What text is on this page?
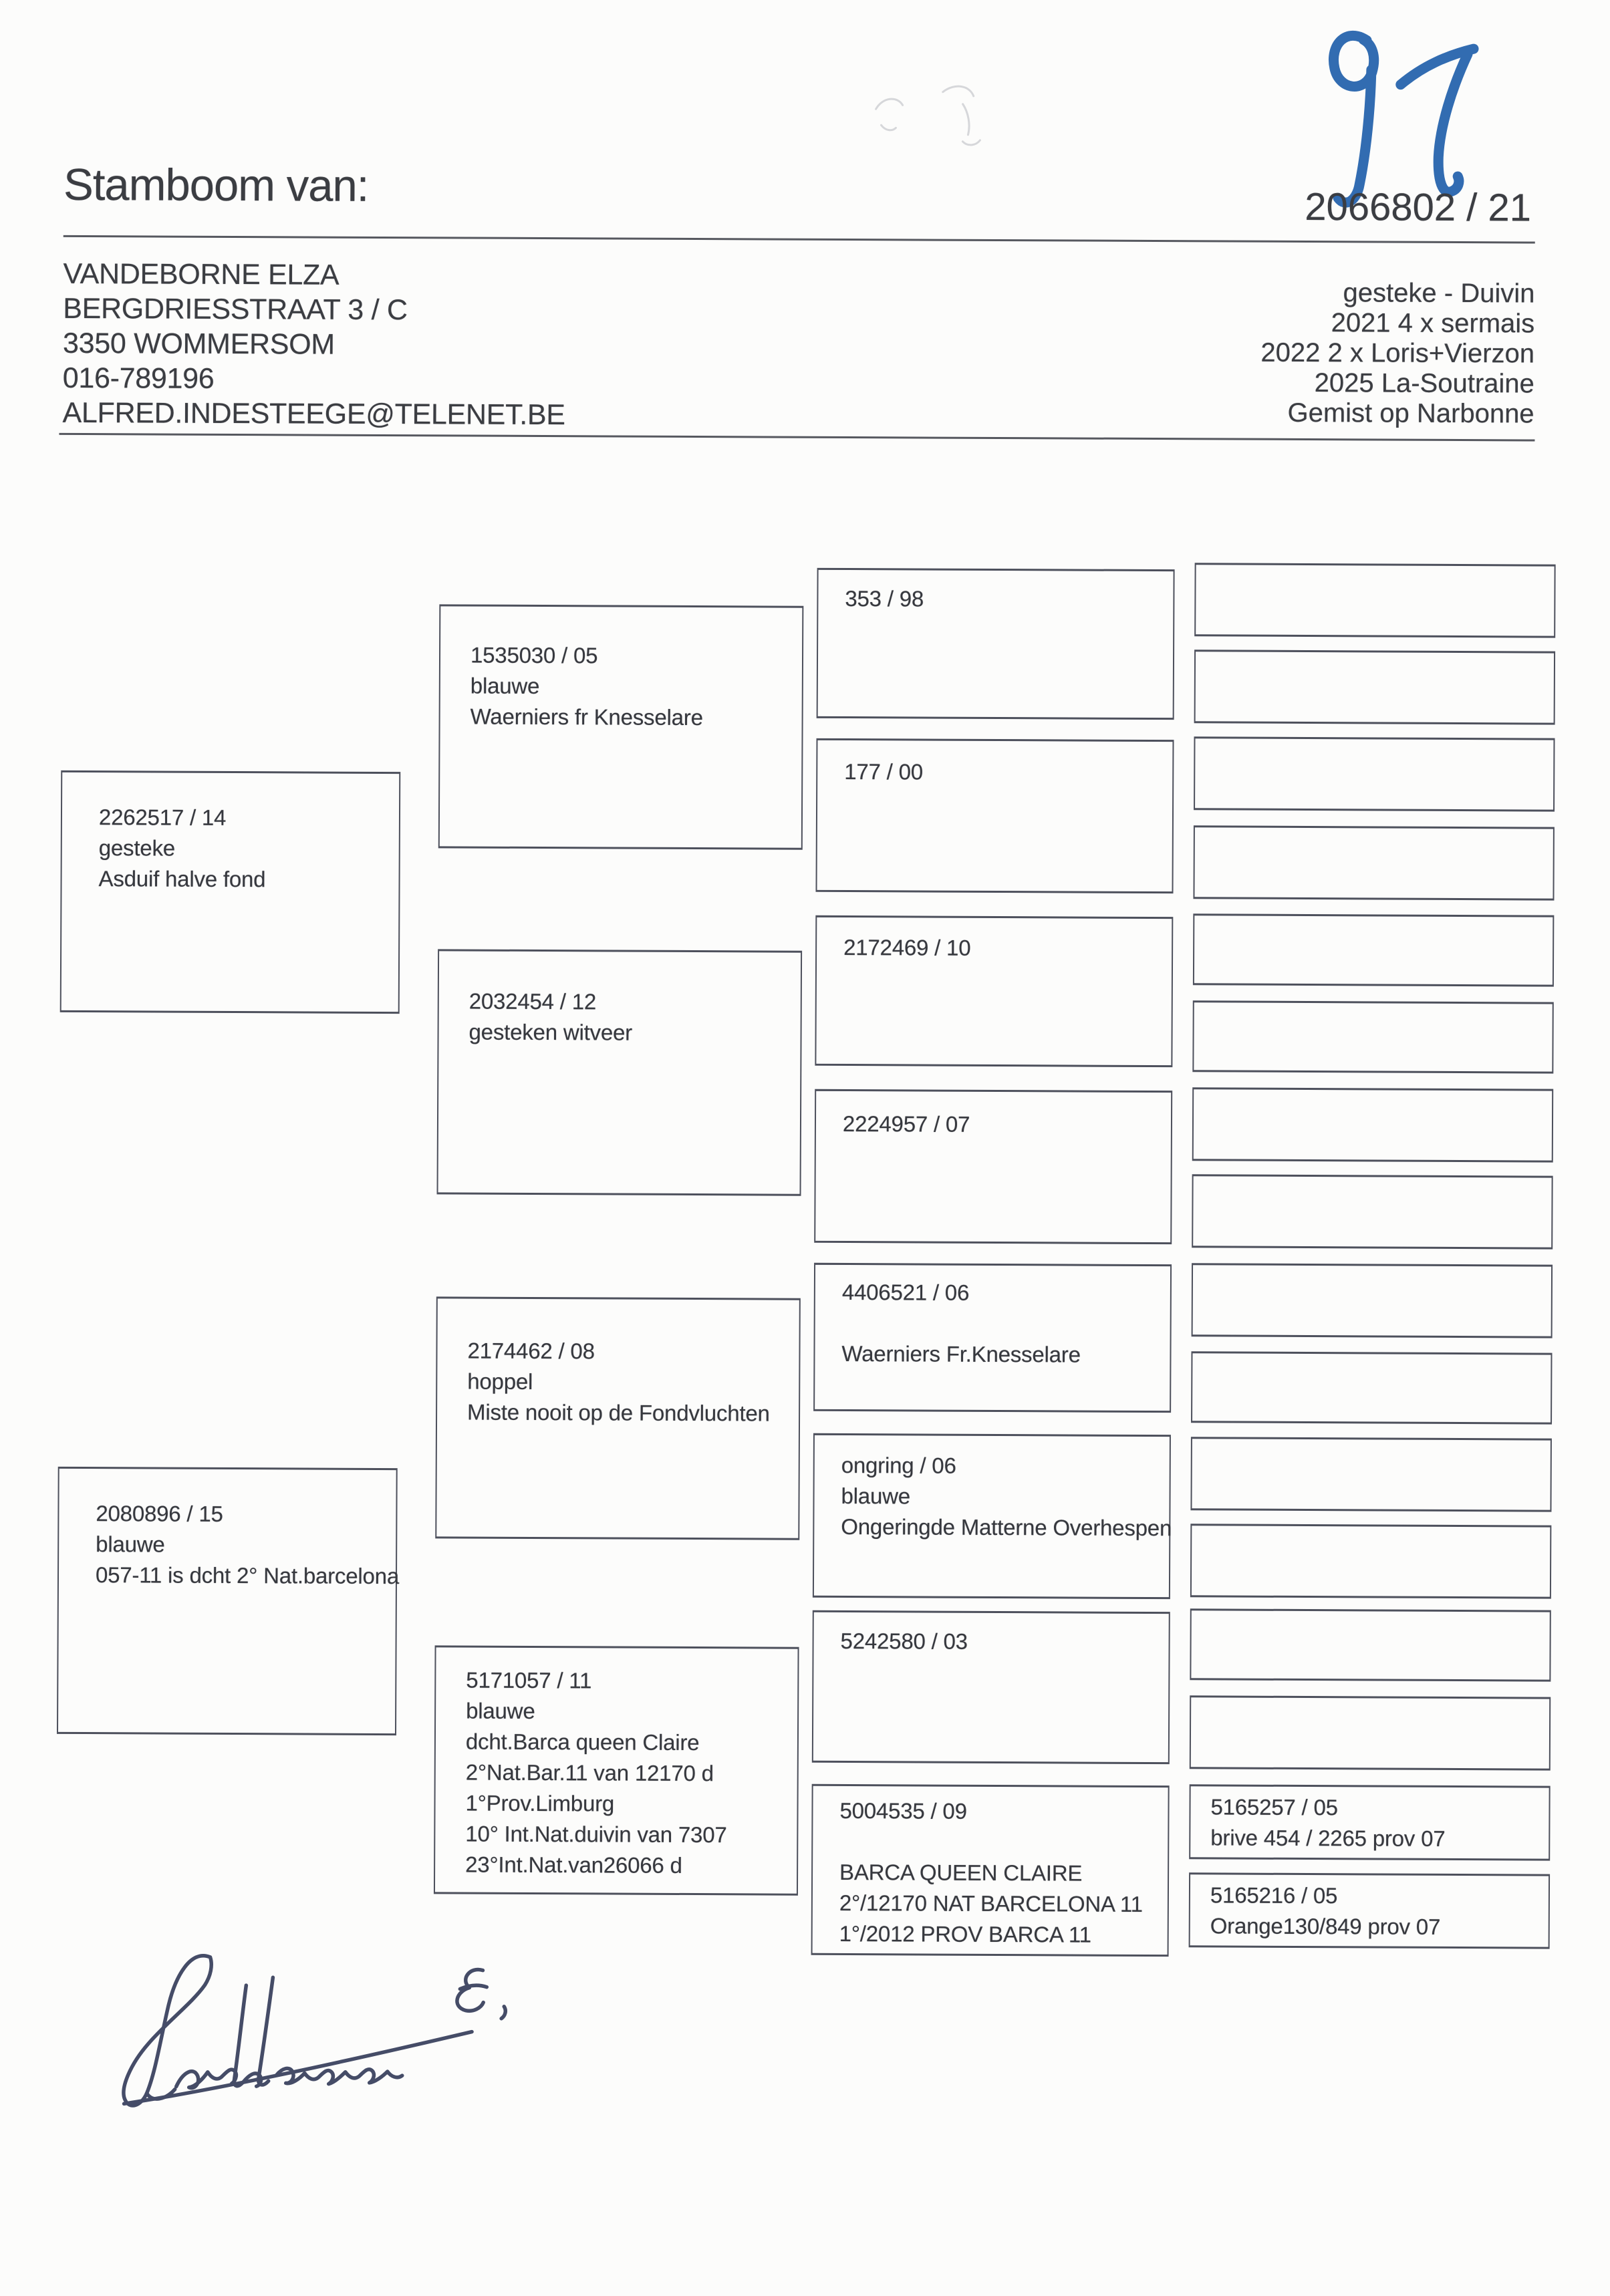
Stamboom van:	2066802 / 21
VANDEBORNE ELZA
BERGDRIESSTRAAT 3 / C
3350 WOMMERSOM
016-789196
ALFRED.INDESTEEGE@TELENET.BE
gesteke - Duivin
2021 4 x sermais
2022 2 x Loris+Vierzon
2025 La-Soutraine
Gemist op Narbonne
2262517 / 14
gesteke
Asduif halve fond
2080896 / 15
blauwe
057-11 is dcht 2° Nat.barcelona
1535030 / 05
blauwe
Waerniers fr Knesselare
2032454 / 12
gesteken witveer
2174462 / 08
hoppel
Miste nooit op de Fondvluchten
5171057 / 11
blauwe
dcht.Barca queen Claire
2°Nat.Bar.11 van 12170 d
1°Prov.Limburg
10° Int.Nat.duivin van 7307
23°Int.Nat.van26066 d
353 / 98
177 / 00
2172469 / 10
2224957 / 07
4406521 / 06
Waerniers Fr.Knesselare
ongring / 06
blauwe
Ongeringde Matterne Overhespen
5242580 / 03
5004535 / 09
BARCA QUEEN CLAIRE
2°/12170 NAT BARCELONA 11
1°/2012 PROV BARCA 11
5165257 / 05
brive 454 / 2265 prov 07
5165216 / 05
Orange130/849 prov 07
